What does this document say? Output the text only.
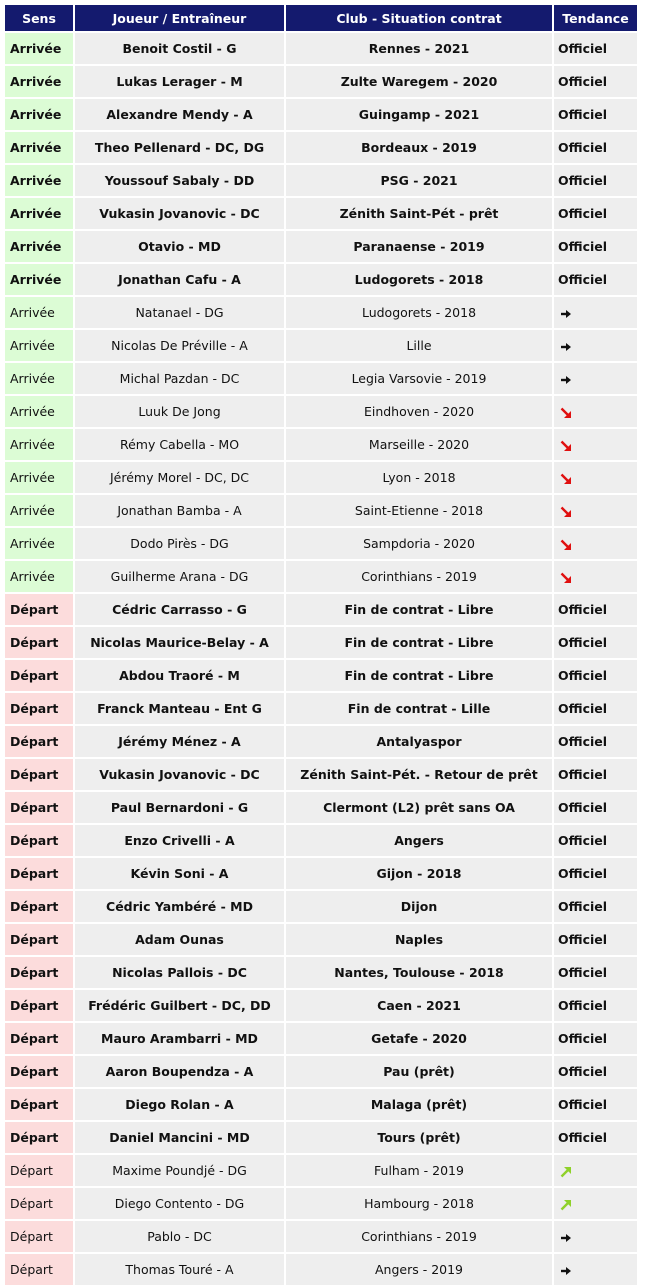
Sens	Joueur / Entraîneur	Club - Situation contrat	Tendance
Arrivée	Benoit Costil - G	Rennes - 2021	Officiel
Arrivée	Lukas Lerager - M	Zulte Waregem - 2020	Officiel
Arrivée	Alexandre Mendy - A	Guingamp - 2021	Officiel
Arrivée	Theo Pellenard - DC, DG	Bordeaux - 2019	Officiel
Arrivée	Youssouf Sabaly - DD	PSG - 2021	Officiel
Arrivée	Vukasin Jovanovic - DC	Zénith Saint-Pét - prêt	Officiel
Arrivée	Otavio - MD	Paranaense - 2019	Officiel
Arrivée	Jonathan Cafu - A	Ludogorets - 2018	Officiel
Arrivée	Natanael - DG	Ludogorets - 2018	

Arrivée	Nicolas De Préville - A	Lille	

Arrivée	Michal Pazdan - DC	Legia Varsovie - 2019	

Arrivée	Luuk De Jong	Eindhoven - 2020	

Arrivée	Rémy Cabella - MO	Marseille - 2020	

Arrivée	Jérémy Morel - DC, DC	Lyon - 2018	

Arrivée	Jonathan Bamba - A	Saint-Etienne - 2018	

Arrivée	Dodo Pirès - DG	Sampdoria - 2020	

Arrivée	Guilherme Arana - DG	Corinthians - 2019	

Départ	Cédric Carrasso - G	Fin de contrat - Libre	Officiel
Départ	Nicolas Maurice-Belay - A	Fin de contrat - Libre	Officiel
Départ	Abdou Traoré - M	Fin de contrat - Libre	Officiel
Départ	Franck Manteau - Ent G	Fin de contrat - Lille	Officiel
Départ	Jérémy Ménez - A	Antalyaspor	Officiel
Départ	Vukasin Jovanovic - DC	Zénith Saint-Pét. - Retour de prêt	Officiel
Départ	Paul Bernardoni - G	Clermont (L2) prêt sans OA	Officiel
Départ	Enzo Crivelli - A	Angers	Officiel
Départ	Kévin Soni - A	Gijon - 2018	Officiel
Départ	Cédric Yambéré - MD	Dijon	Officiel
Départ	Adam Ounas	Naples	Officiel
Départ	Nicolas Pallois - DC	Nantes, Toulouse - 2018	Officiel
Départ	Frédéric Guilbert - DC, DD	Caen - 2021	Officiel
Départ	Mauro Arambarri - MD	Getafe - 2020	Officiel
Départ	Aaron Boupendza - A	Pau (prêt)	Officiel
Départ	Diego Rolan - A	Malaga (prêt)	Officiel
Départ	Daniel Mancini - MD	Tours (prêt)	Officiel
Départ	Maxime Poundjé - DG	Fulham - 2019	

Départ	Diego Contento - DG	Hambourg - 2018	

Départ	Pablo - DC	Corinthians - 2019	

Départ	Thomas Touré - A	Angers - 2019	
